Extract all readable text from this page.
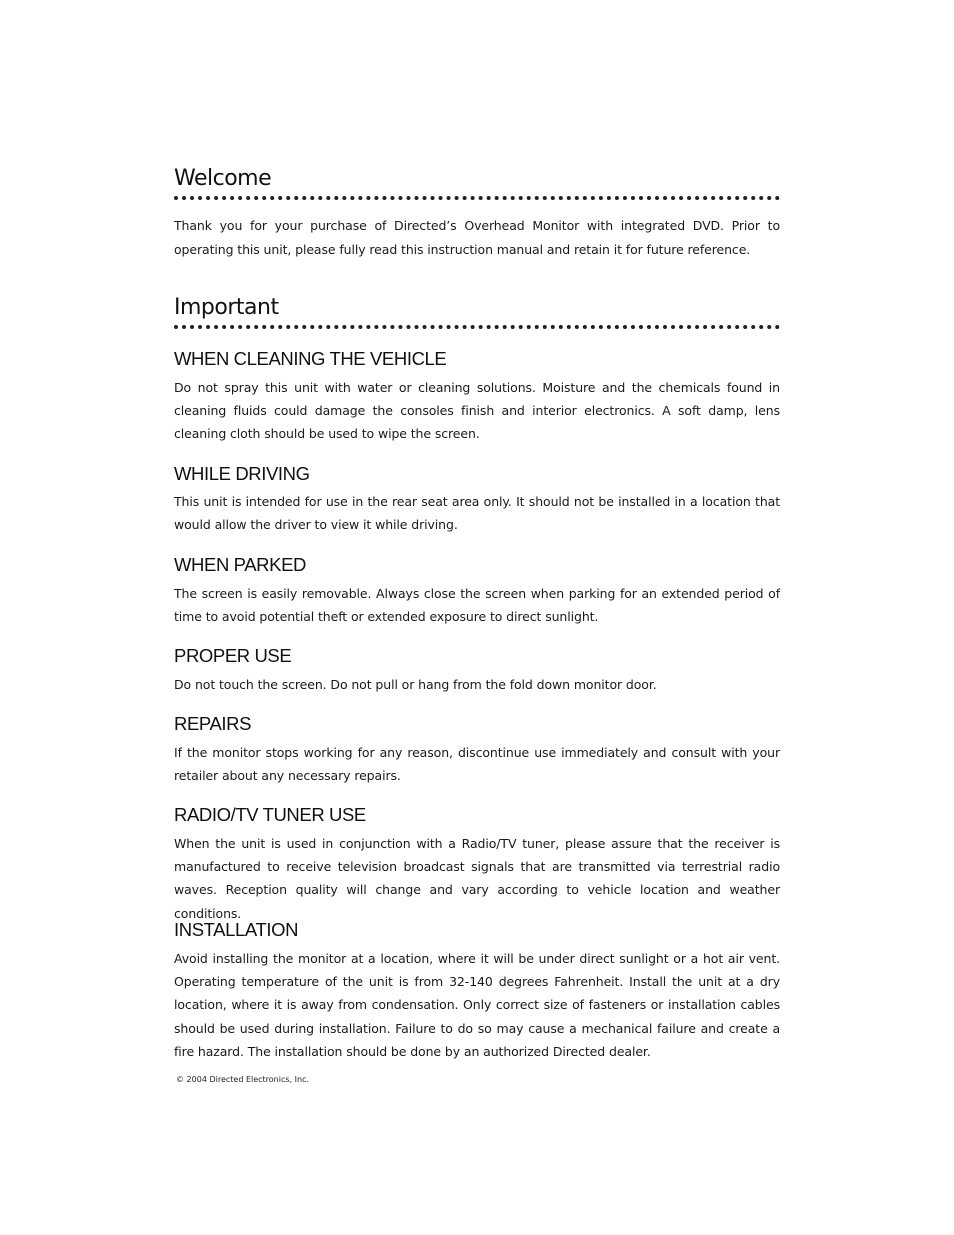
Welcome

Thank you for your purchase of Directed’s Overhead Monitor with integrated DVD. Prior to operating this unit, please fully read this instruction manual and retain it for future reference.

Important
WHEN CLEANING THE VEHICLE

Do not spray this unit with water or cleaning solutions. Moisture and the chemicals found in cleaning fluids could damage the consoles finish and interior electronics. A soft damp, lens cleaning cloth should be used to wipe the screen.

WHILE DRIVING

This unit is intended for use in the rear seat area only. It should not be installed in a location that would allow the driver to view it while driving.

WHEN PARKED

The screen is easily removable. Always close the screen when parking for an extended period of time to avoid potential theft or extended exposure to direct sunlight.

PROPER USE

Do not touch the screen. Do not pull or hang from the fold down monitor door.

REPAIRS

If the monitor stops working for any reason, discontinue use immediately and consult with your retailer about any necessary repairs.

RADIO/TV TUNER USE

When the unit is used in conjunction with a Radio/TV tuner, please assure that the receiver is manufactured to receive television broadcast signals that are transmitted via terrestrial radio waves. Reception quality will change and vary according to vehicle location and weather conditions.

INSTALLATION

Avoid installing the monitor at a location, where it will be under direct sunlight or a hot air vent. Operating temperature of the unit is from 32-140 degrees Fahrenheit. Install the unit at a dry location, where it is away from condensation. Only correct size of fasteners or installation cables should be used during installation. Failure to do so may cause a mechanical failure and create a fire hazard. The installation should be done by an authorized Directed dealer.

© 2004 Directed Electronics, Inc.
